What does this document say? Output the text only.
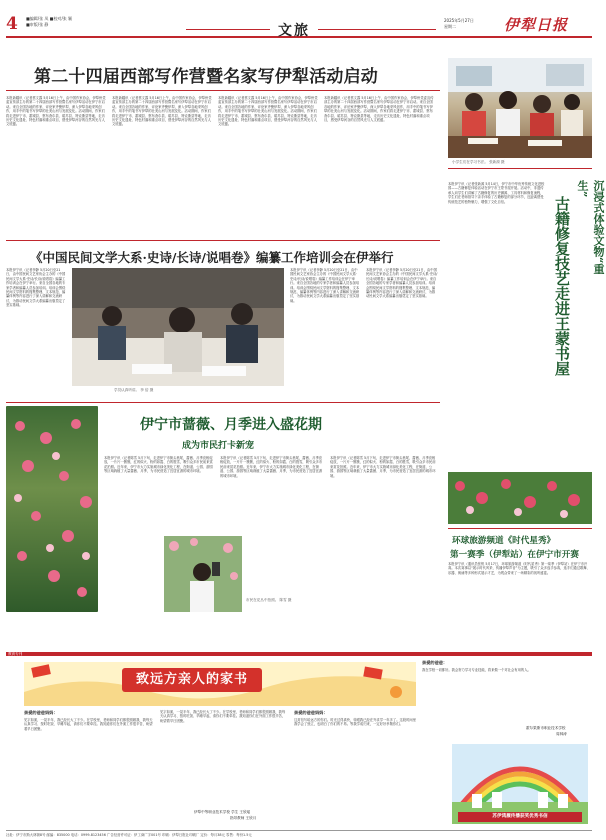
4 ■编辑/张 凤 ■校对/张 颖
■审版/张 静	文旅
2025年5月27日
星期二	伊犁日报
第二十四届西部写作营暨名家写伊犁活动启动
本报新疆讯（记者蔡文露 5月16日上午，由中国作家协会、伊犁州党委宣传部主办的第二十四届西部写作营暨名家写伊犁活动在伊宁市启动。来自全国各地的作家、评论家齐聚伊犁，深入伊犁各地采风创作，用手中的笔书写伊犁的壮美山河与发展变化。活动期间，作家们将走进伊宁市、霍城县、察布查尔县、昭苏县、特克斯县等地，走访历史文化遗址、特色村落和重点项目，感受伊犁河谷的自然风光与人文底蕴。
本报新疆讯（记者蔡文露 5月16日上午，由中国作家协会、伊犁州党委宣传部主办的第二十四届西部写作营暨名家写伊犁活动在伊宁市启动。来自全国各地的作家、评论家齐聚伊犁，深入伊犁各地采风创作，用手中的笔书写伊犁的壮美山河与发展变化。活动期间，作家们将走进伊宁市、霍城县、察布查尔县、昭苏县、特克斯县等地，走访历史文化遗址、特色村落和重点项目，感受伊犁河谷的自然风光与人文底蕴。
本报新疆讯（记者蔡文露 5月16日上午，由中国作家协会、伊犁州党委宣传部主办的第二十四届西部写作营暨名家写伊犁活动在伊宁市启动。来自全国各地的作家、评论家齐聚伊犁，深入伊犁各地采风创作，用手中的笔书写伊犁的壮美山河与发展变化。活动期间，作家们将走进伊宁市、霍城县、察布查尔县、昭苏县、特克斯县等地，走访历史文化遗址、特色村落和重点项目，感受伊犁河谷的自然风光与人文底蕴。
本报新疆讯（记者蔡文露 5月16日上午，由中国作家协会、伊犁州党委宣传部主办的第二十四届西部写作营暨名家写伊犁活动在伊宁市启动。来自全国各地的作家、评论家齐聚伊犁，深入伊犁各地采风创作，用手中的笔书写伊犁的壮美山河与发展变化。活动期间，作家们将走进伊宁市、霍城县、察布查尔县、昭苏县、特克斯县等地，走访历史文化遗址、特色村落和重点项目，感受伊犁河谷的自然风光与人文底蕴。
小学生们在学习书法。 张新源 摄
沉浸式体验文物“重生”
古籍修复技艺走进王蒙书屋
本报伊宁讯（记者张新源 5月14日，伊宁市中华优秀传统文化进校园——古籍修复体验活动在伊宁市王蒙书屋开展。活动中，非遗传承人向学生们讲解了古籍修复的历史渊源、工具材料和修复流程，学生们在老师指导下亲手体验了古籍修复的部分环节，近距离感受传统技艺的独特魅力，增强了文化自信。
《中国民间文学大系·史诗/长诗/说唱卷》编纂工作培训会在伊举行
本报伊宁讯（记者李静 5月20日至21日，由中国民间文艺家协会主办的《中国民间文学大系·史诗/长诗/说唱卷》编纂工作培训会在伊宁举行。来自全国各地的专家学者和编纂人员参加培训。培训会围绕民间文学资料的搜集整理、文本规范、编纂体例等内容进行了深入讲解和交流研讨，为推动民间文学大系编纂出版奠定了坚实基础。
学员认真听讲。 李 倍 摄
本报伊宁讯（记者李静 5月20日至21日，由中国民间文艺家协会主办的《中国民间文学大系·史诗/长诗/说唱卷》编纂工作培训会在伊宁举行。来自全国各地的专家学者和编纂人员参加培训。培训会围绕民间文学资料的搜集整理、文本规范、编纂体例等内容进行了深入讲解和交流研讨，为推动民间文学大系编纂出版奠定了坚实基础。
本报伊宁讯（记者李静 5月20日至21日，由中国民间文艺家协会主办的《中国民间文学大系·史诗/长诗/说唱卷》编纂工作培训会在伊宁举行。来自全国各地的专家学者和编纂人员参加培训。培训会围绕民间文学资料的搜集整理、文本规范、编纂体例等内容进行了深入讲解和交流研讨，为推动民间文学大系编纂出版奠定了坚实基础。
伊宁市蔷薇、月季进入盛花期
成为市民打卡新宠
本报伊宁讯（记者陈雪 5月下旬，走进伊宁市街头巷尾，蔷薇、月季竞相绽放，一片片一簇簇，红的似火、粉的如霞、白的胜雪，吸引众多市民前来赏花拍照。近年来，伊宁市大力实施城市绿化美化工程，在街道、公园、游园等区域栽植了大量蔷薇、月季，为市民营造了宜居宜游的城市环境。
本报伊宁讯（记者陈雪 5月下旬，走进伊宁市街头巷尾，蔷薇、月季竞相绽放，一片片一簇簇，红的似火、粉的如霞、白的胜雪，吸引众多市民前来赏花拍照。近年来，伊宁市大力实施城市绿化美化工程，在街道、公园、游园等区域栽植了大量蔷薇、月季，为市民营造了宜居宜游的城市环境。
市民在花丛中拍照。 陈雪 摄
本报伊宁讯（记者陈雪 5月下旬，走进伊宁市街头巷尾，蔷薇、月季竞相绽放，一片片一簇簇，红的似火、粉的如霞、白的胜雪，吸引众多市民前来赏花拍照。近年来，伊宁市大力实施城市绿化美化工程，在街道、公园、游园等区域栽植了大量蔷薇、月季，为市民营造了宜居宜游的城市环境。
环球旅游频道《时代星秀》
第一赛季（伊犁站）在伊宁市开赛
本报伊宁讯（通讯员张锐 5月17日，环球旅游频道《时代星秀》第一赛季（伊犁站）在伊宁市开赛。本次赛事以“展示时代风采、传播伊犁声音”为主题，吸引了众多选手参赛，选手们通过歌舞、乐器、朗诵等多种形式展示才艺，为观众带来了一场精彩的视听盛宴。
教育专刊
致远方亲人的家书
亲爱的爸爸妈妈：
见字如面，一晃半年，我已经长大了不少。在学校里，老师和同学们都很照顾我，我每天认真学习、按时吃饭、早睡早起，请你们不要牵挂。我知道你们在外面工作很辛苦，盼望着早日团聚。
见字如面，一晃半年，我已经长大了不少。在学校里，老师和同学们都很照顾我，我每天认真学习、按时吃饭、早睡早起，请你们不要牵挂。我知道你们在外面工作很辛苦，盼望着早日团聚。
伊犁中等职业技术学校 学生 王欣瑶
指导教师 王欣月
亲爱的爸爸妈妈：
这封信写给远方的你们。时光过得真快，转眼我已经在外求学一年多了。这段时间里我学会了独立，也明白了你们的不易。等我学成归来，一定好好孝敬你们。
亲爱的爸爸：
我在学校一切都好。我会努力学习专业技能，将来做一个对社会有用的人。
霍尔果斯市职业技术学校
周林涛
苏伊鸿履传播获奖优秀书信
社址：伊宁市斯大林街8号 邮编：835000 电话：0999-8123456 广告经营许可证：伊工商广字001号 印刷：伊犁日报社印刷厂 定价：每月38元 零售：每份1.5元
